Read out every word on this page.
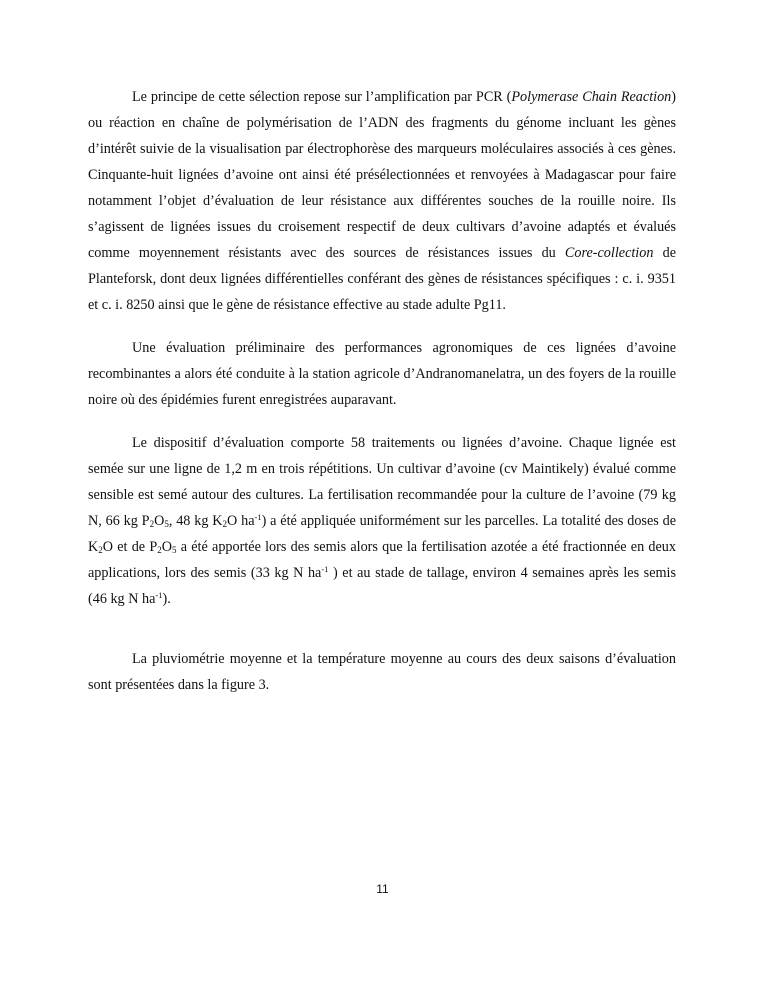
Le principe de cette sélection repose sur l’amplification par PCR (Polymerase Chain Reaction) ou réaction en chaîne de polymérisation de l’ADN des fragments du génome incluant les gènes d’intérêt suivie de la visualisation par électrophorèse des marqueurs moléculaires associés à ces gènes. Cinquante-huit lignées d’avoine ont ainsi été présélectionnées et renvoyées à Madagascar pour faire notamment l’objet d’évaluation de leur résistance aux différentes souches de la rouille noire. Ils s’agissent de lignées issues du croisement respectif de deux cultivars d’avoine adaptés et évalués comme moyennement résistants avec des sources de résistances issues du Core-collection de Planteforsk, dont deux lignées différentielles conférant des gènes de résistances spécifiques : c. i. 9351 et c. i. 8250 ainsi que le gène de résistance effective au stade adulte Pg11.

Une évaluation préliminaire des performances agronomiques de ces lignées d’avoine recombinantes a alors été conduite à la station agricole d’Andranomanelatra, un des foyers de la rouille noire où des épidémies furent enregistrées auparavant.

Le dispositif d’évaluation comporte 58 traitements ou lignées d’avoine. Chaque lignée est semée sur une ligne de 1,2 m en trois répétitions. Un cultivar d’avoine (cv Maintikely) évalué comme sensible est semé autour des cultures. La fertilisation recommandée pour la culture de l’avoine (79 kg N, 66 kg $P_2O_5$, 48 kg $K_2O$ $ha^{-1}$) a été appliquée uniformément sur les parcelles. La totalité des doses de $K_2O$ et de $P_2O_5$ a été apportée lors des semis alors que la fertilisation azotée a été fractionnée en deux applications, lors des semis (33 kg N $ha^{-1}$ ) et au stade de tallage, environ 4 semaines après les semis (46 kg N $ha^{-1}$).

La pluviométrie moyenne et la température moyenne au cours des deux saisons d’évaluation sont présentées dans la figure 3.

11
